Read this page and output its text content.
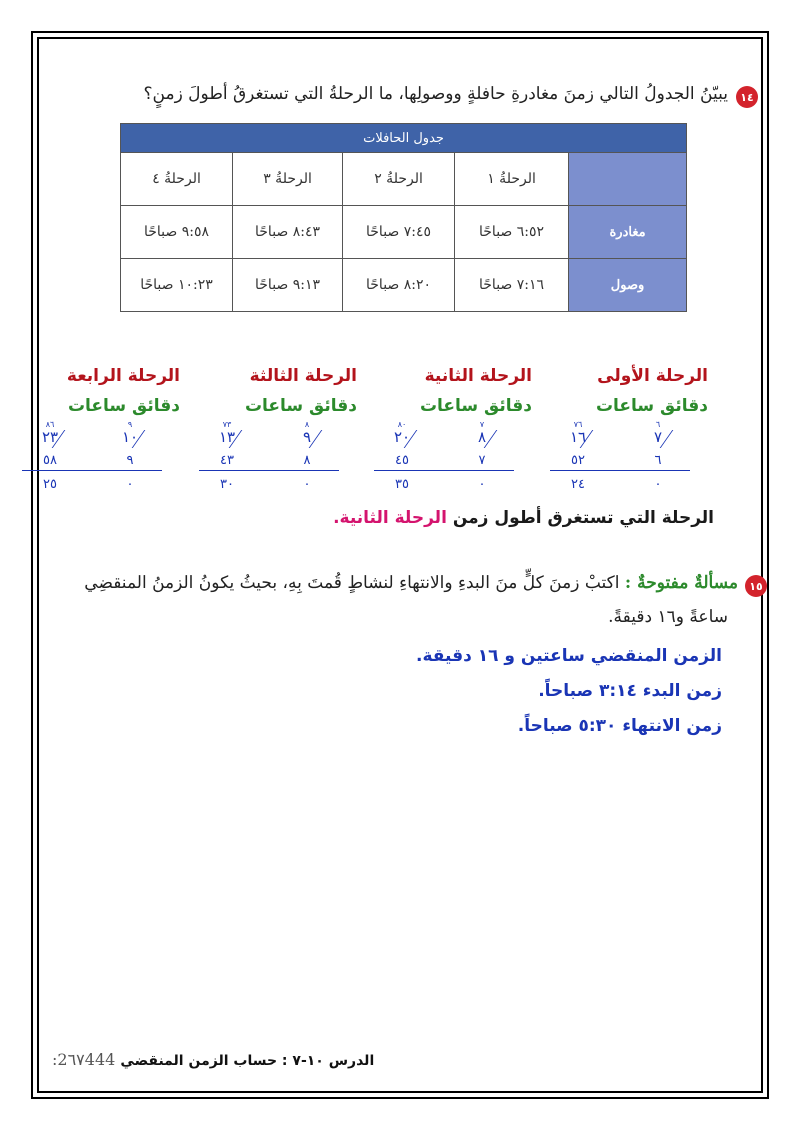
١٤
يبيّنُ الجدولُ التالي زمنَ مغادرةِ حافلةٍ ووصولِها، ما الرحلةُ التي تستغرقُ أطولَ زمنٍ؟
جدول الحافلات				
	الرحلةُ ١	الرحلةُ ٢	الرحلةُ ٣	الرحلةُ ٤
مغادرة	٦:٥٢ صباحًا	٧:٤٥ صباحًا	٨:٤٣ صباحًا	٩:٥٨ صباحًا
وصول	٧:١٦ صباحًا	٨:٢٠ صباحًا	٩:١٣ صباحًا	١٠:٢٣ صباحًا
الرحلة الأولى
دقائق ساعات
٧٦	٦
١٦	٧
٥٢	٦
٢٤	٠
الرحلة الثانية
دقائق ساعات
٨٠	٧
٢٠	٨
٤٥	٧
٣٥	٠
الرحلة الثالثة
دقائق ساعات
٧٣	٨
١٣	٩
٤٣	٨
٣٠	٠
الرحلة الرابعة
دقائق ساعات
٨٦	٩
٢٣	١٠
٥٨	٩
٢٥	٠
الرحلة التي تستغرق أطول زمن الرحلة الثانية.
١٥
مسألةٌ مفتوحةٌ : اكتبْ زمنَ كلٍّ منَ البدءِ والانتهاءِ لنشاطٍ قُمتَ بِهِ، بحيثُ يكونُ الزمنُ المنقضِي
ساعةً و١٦ دقيقةً.
الزمن المنقضي ساعتين و ١٦ دقيقة.
زمن البدء ٣:١٤ صباحاً.
زمن الانتهاء ٥:٣٠ صباحاً.
:2٦٧444 الدرس ١٠-٧ : حساب الزمن المنقضي
